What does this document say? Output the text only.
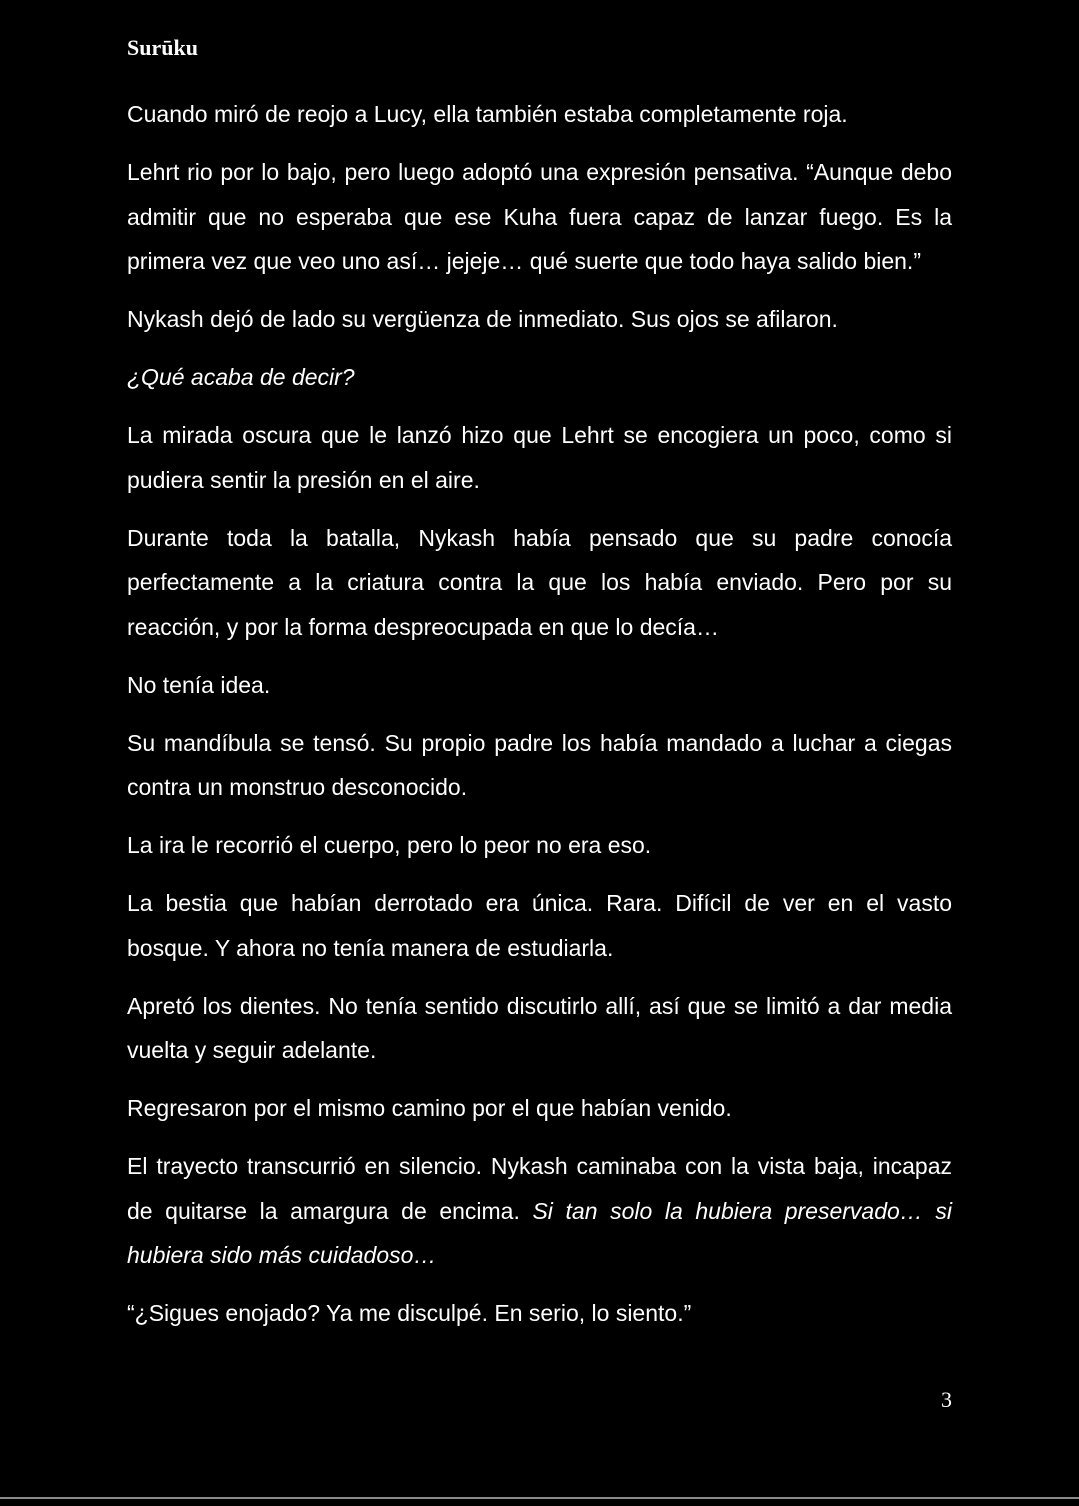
Surūku

Cuando miró de reojo a Lucy, ella también estaba completamente roja.

Lehrt rio por lo bajo, pero luego adoptó una expresión pensativa. “Aunque debo admitir que no esperaba que ese Kuha fuera capaz de lanzar fuego. Es la primera vez que veo uno así… jejeje… qué suerte que todo haya salido bien.”

Nykash dejó de lado su vergüenza de inmediato. Sus ojos se afilaron.

¿Qué acaba de decir?

La mirada oscura que le lanzó hizo que Lehrt se encogiera un poco, como si pudiera sentir la presión en el aire.

Durante toda la batalla, Nykash había pensado que su padre conocía perfectamente a la criatura contra la que los había enviado. Pero por su reacción, y por la forma despreocupada en que lo decía…

No tenía idea.

Su mandíbula se tensó. Su propio padre los había mandado a luchar a ciegas contra un monstruo desconocido.

La ira le recorrió el cuerpo, pero lo peor no era eso.

La bestia que habían derrotado era única. Rara. Difícil de ver en el vasto bosque. Y ahora no tenía manera de estudiarla.

Apretó los dientes. No tenía sentido discutirlo allí, así que se limitó a dar media vuelta y seguir adelante.

Regresaron por el mismo camino por el que habían venido.

El trayecto transcurrió en silencio. Nykash caminaba con la vista baja, incapaz de quitarse la amargura de encima. Si tan solo la hubiera preservado… si hubiera sido más cuidadoso…

“¿Sigues enojado? Ya me disculpé. En serio, lo siento.”

3
